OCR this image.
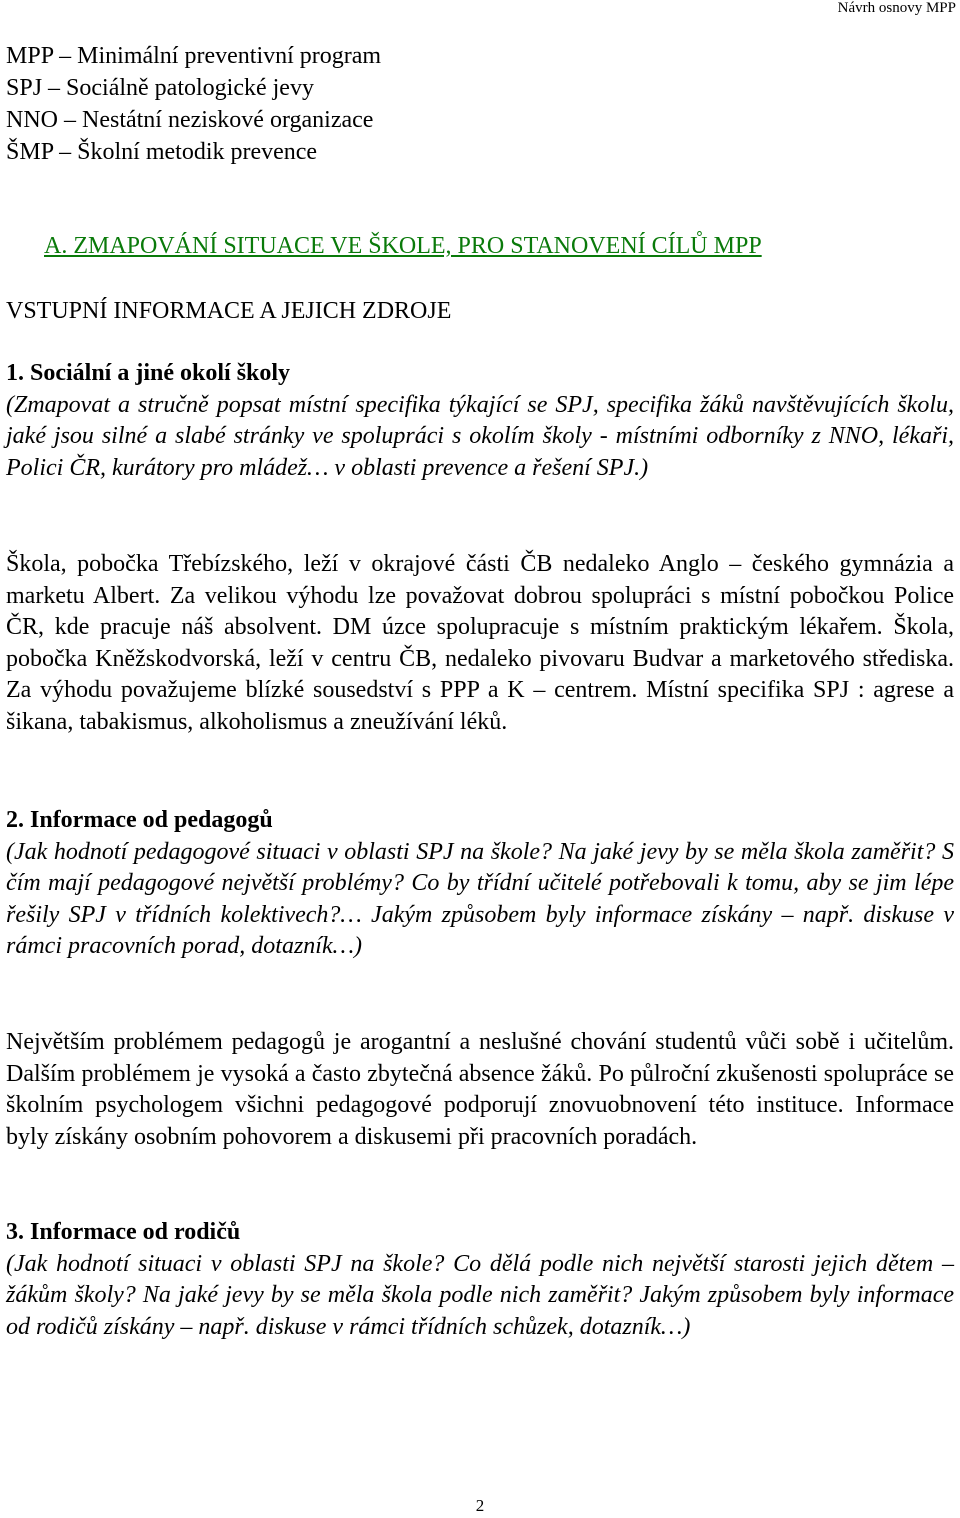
Návrh osnovy MPP
MPP – Minimální preventivní program
SPJ – Sociálně patologické jevy
NNO – Nestátní neziskové organizace
ŠMP – Školní metodik prevence
A. ZMAPOVÁNÍ SITUACE VE ŠKOLE, PRO STANOVENÍ CÍLŮ MPP
VSTUPNÍ INFORMACE A JEJICH ZDROJE
1. Sociální a jiné okolí školy
(Zmapovat a stručně popsat místní specifika týkající se SPJ, specifika žáků navštěvujících školu, jaké jsou silné a slabé stránky ve spolupráci s okolím školy - místními odborníky z NNO, lékaři, Polici ČR, kurátory pro mládež… v oblasti prevence a řešení SPJ.)
Škola, pobočka Třebízského, leží v okrajové části ČB nedaleko Anglo – českého gymnázia a marketu Albert. Za velikou výhodu lze považovat dobrou spolupráci s místní pobočkou Police ČR, kde pracuje náš absolvent. DM úzce spolupracuje s místním praktickým lékařem. Škola, pobočka Kněžskodvorská, leží v centru ČB, nedaleko pivovaru Budvar a marketového střediska. Za výhodu považujeme blízké sousedství s PPP a K – centrem. Místní specifika SPJ : agrese a šikana, tabakismus, alkoholismus a zneužívání léků.
2. Informace od pedagogů
(Jak hodnotí pedagogové situaci v oblasti SPJ na škole? Na jaké jevy by se měla škola zaměřit? S čím mají pedagogové největší problémy? Co by třídní učitelé potřebovali k tomu, aby se jim lépe řešily SPJ v třídních kolektivech?… Jakým způsobem byly informace získány – např. diskuse v rámci pracovních porad, dotazník…)
Největším problémem pedagogů je arogantní a neslušné chování studentů vůči sobě i učitelům. Dalším problémem je vysoká a často zbytečná absence žáků. Po půlroční zkušenosti spolupráce se školním psychologem všichni pedagogové podporují znovuobnovení této instituce. Informace byly získány osobním pohovorem a diskusemi při pracovních poradách.
3. Informace od rodičů
(Jak hodnotí situaci v oblasti SPJ na škole? Co dělá podle nich největší starosti jejich dětem – žákům školy? Na jaké jevy by se měla škola podle nich zaměřit? Jakým způsobem byly informace od rodičů získány – např. diskuse v rámci třídních schůzek, dotazník…)
2
